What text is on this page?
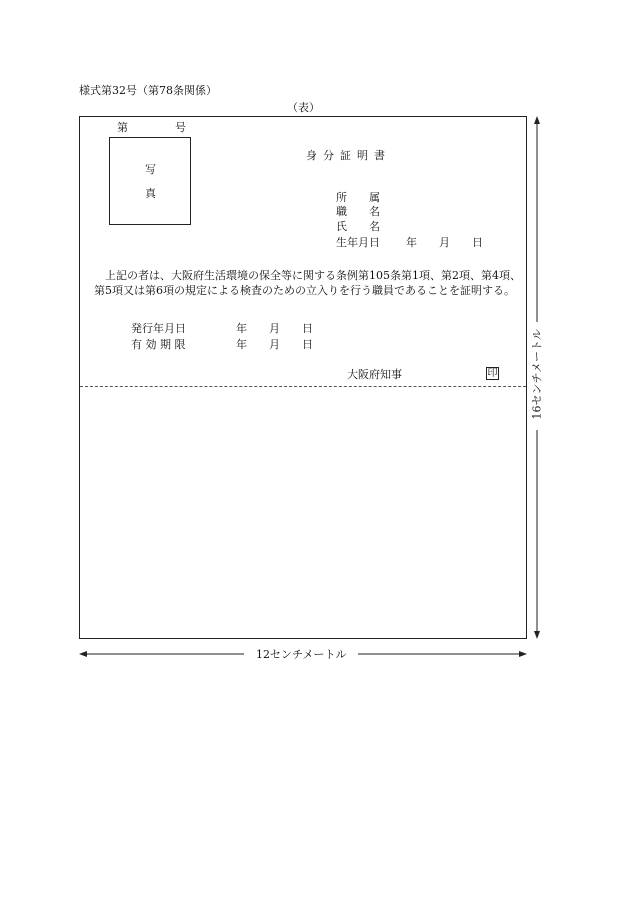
様式第32号（第78条関係）
（表）
第	号
写
真
身分証明書
所　　属
職　　名
氏　　名
生年月日 年　　月　　日
上記の者は、大阪府生活環境の保全等に関する条例第105条第1項、第2項、第4項、第5項又は第6項の規定による検査のための立入りを行う職員であることを証明する。
発行年月日	年　　月　　日
有 効 期 限	年　　月　　日
大阪府知事	印
12センチメートル
16センチメートル
